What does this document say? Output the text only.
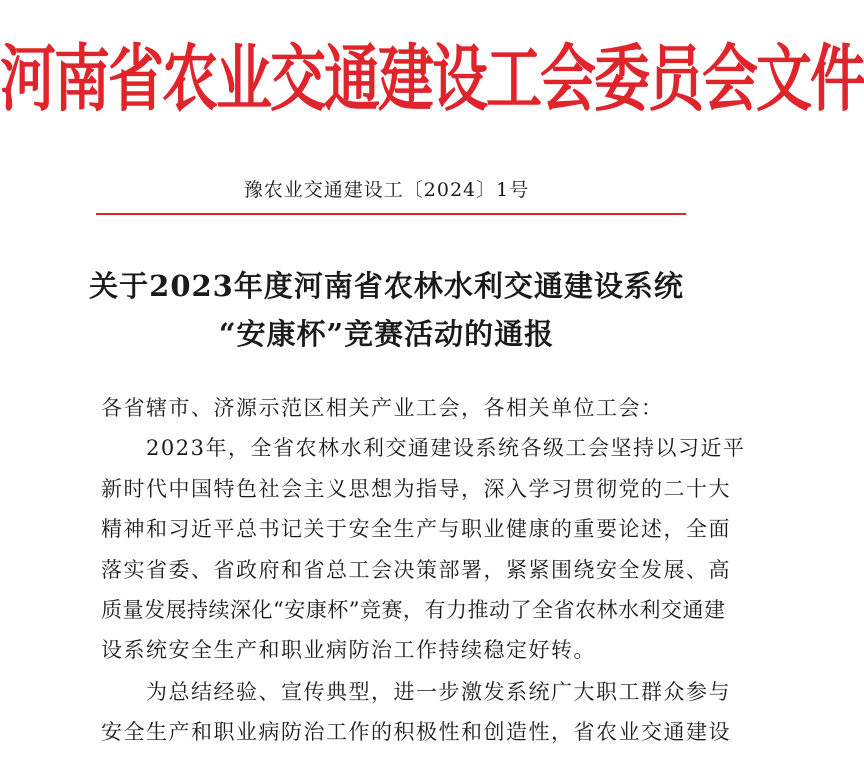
河南省农业交通建设工会委员会文件
豫农业交通建设工〔2024〕1号
关于2023年度河南省农林水利交通建设系统
“安康杯”竞赛活动的通报
各省辖市、济源示范区相关产业工会，各相关单位工会：
　　2023年，全省农林水利交通建设系统各级工会坚持以习近平
新时代中国特色社会主义思想为指导，深入学习贯彻党的二十大
精神和习近平总书记关于安全生产与职业健康的重要论述，全面
落实省委、省政府和省总工会决策部署，紧紧围绕安全发展、高
质量发展持续深化“安康杯”竞赛，有力推动了全省农林水利交通建
设系统安全生产和职业病防治工作持续稳定好转。
　　为总结经验、宣传典型，进一步激发系统广大职工群众参与
安全生产和职业病防治工作的积极性和创造性，省农业交通建设
